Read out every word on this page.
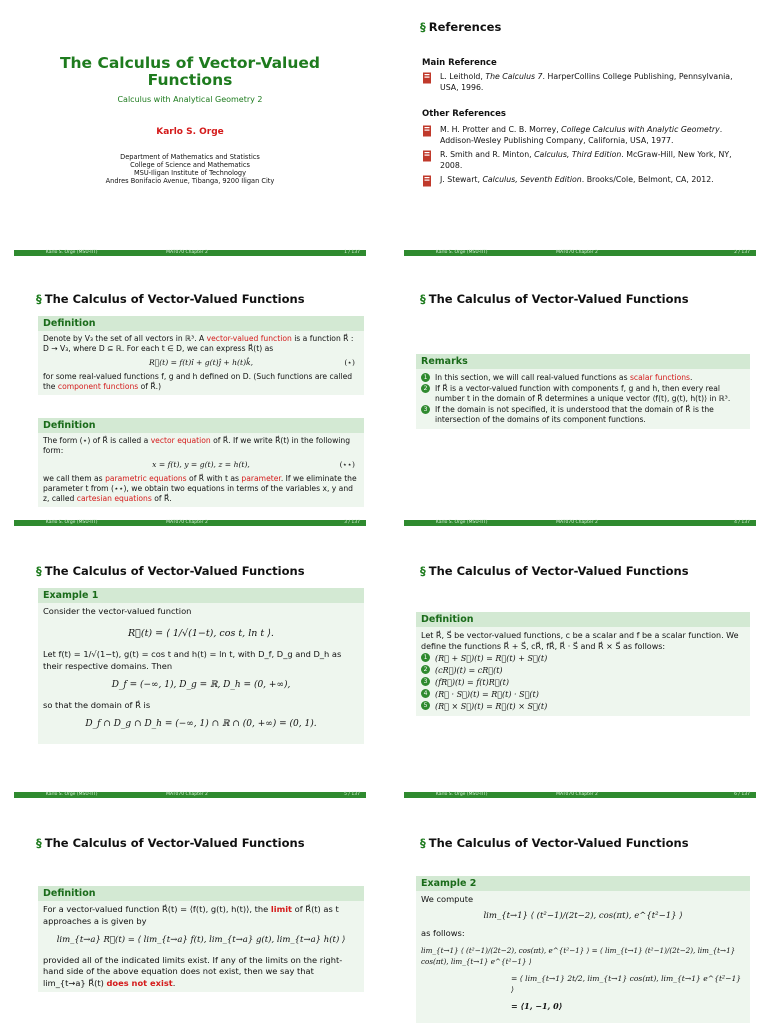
The Calculus of Vector-Valued Functions
Calculus with Analytical Geometry 2
Karlo S. Orge
Department of Mathematics and Statistics
College of Science and Mathematics
MSU-Iligan Institute of Technology
Andres Bonifacio Avenue, Tibanga, 9200 Iligan City
Karlo S. Orge (MSU-IIT)	MAT070 Chapter 2	1 / 137
§ References
Main Reference
L. Leithold, The Calculus 7. HarperCollins College Publishing, Pennsylvania, USA, 1996.
Other References
M. H. Protter and C. B. Morrey, College Calculus with Analytic Geometry. Addison-Wesley Publishing Company, California, USA, 1977.
R. Smith and R. Minton, Calculus, Third Edition. McGraw-Hill, New York, NY, 2008.
J. Stewart, Calculus, Seventh Edition. Brooks/Cole, Belmont, CA, 2012.
Karlo S. Orge (MSU-IIT)	MAT070 Chapter 2	2 / 137
§ The Calculus of Vector-Valued Functions
Definition
Denote by V₃ the set of all vectors in ℝ³. A vector-valued function is a function R⃗ : D → V₃, where D ⊆ ℝ. For each t ∈ D, we can express R⃗(t) as
R⃗(t) = f(t)î + g(t)ĵ + h(t)k̂,	(⋆)
for some real-valued functions f, g and h defined on D. (Such functions are called the component functions of R⃗.)
Definition
The form (⋆) of R⃗ is called a vector equation of R⃗. If we write R⃗(t) in the following form:
x = f(t), y = g(t), z = h(t),	(⋆⋆)
we call them as parametric equations of R⃗ with t as parameter. If we eliminate the parameter t from (⋆⋆), we obtain two equations in terms of the variables x, y and z, called cartesian equations of R⃗.
Karlo S. Orge (MSU-IIT)	MAT070 Chapter 2	3 / 137
§ The Calculus of Vector-Valued Functions
Remarks
1 In this section, we will call real-valued functions as scalar functions.
2 If R⃗ is a vector-valued function with components f, g and h, then every real number t in the domain of R⃗ determines a unique vector ⟨f(t), g(t), h(t)⟩ in ℝ³.
3 If the domain is not specified, it is understood that the domain of R⃗ is the intersection of the domains of its component functions.
Karlo S. Orge (MSU-IIT)	MAT070 Chapter 2	4 / 137
§ The Calculus of Vector-Valued Functions
Example 1
Consider the vector-valued function
R⃗(t) = ⟨ 1/√(1−t), cos t, ln t ⟩.
Let f(t) = 1/√(1−t), g(t) = cos t and h(t) = ln t, with D_f, D_g and D_h as their respective domains. Then
D_f = (−∞, 1), D_g = ℝ, D_h = (0, +∞),
so that the domain of R⃗ is
D_f ∩ D_g ∩ D_h = (−∞, 1) ∩ ℝ ∩ (0, +∞) = (0, 1).
Karlo S. Orge (MSU-IIT)	MAT070 Chapter 2	5 / 137
§ The Calculus of Vector-Valued Functions
Definition
Let R⃗, S⃗ be vector-valued functions, c be a scalar and f be a scalar function. We define the functions R⃗ + S⃗, cR⃗, fR⃗, R⃗ · S⃗ and R⃗ × S⃗ as follows:
1 (R⃗ + S⃗)(t) = R⃗(t) + S⃗(t)
2 (cR⃗)(t) = cR⃗(t)
3 (fR⃗)(t) = f(t)R⃗(t)
4 (R⃗ · S⃗)(t) = R⃗(t) · S⃗(t)
5 (R⃗ × S⃗)(t) = R⃗(t) × S⃗(t)
Karlo S. Orge (MSU-IIT)	MAT070 Chapter 2	6 / 137
§ The Calculus of Vector-Valued Functions
Definition
For a vector-valued function R⃗(t) = ⟨f(t), g(t), h(t)⟩, the limit of R⃗(t) as t approaches a is given by
lim_{t→a} R⃗(t) = ⟨ lim_{t→a} f(t), lim_{t→a} g(t), lim_{t→a} h(t) ⟩
provided all of the indicated limits exist. If any of the limits on the right-hand side of the above equation does not exist, then we say that lim_{t→a} R⃗(t) does not exist.
§ The Calculus of Vector-Valued Functions
Example 2
We compute
lim_{t→1} ⟨ (t²−1)/(2t−2), cos(πt), e^{t²−1} ⟩
as follows:
lim_{t→1} ⟨ (t²−1)/(2t−2), cos(πt), e^{t²−1} ⟩ = ⟨ lim_{t→1} (t²−1)/(2t−2), lim_{t→1} cos(πt), lim_{t→1} e^{t²−1} ⟩
= ⟨ lim_{t→1} 2t/2, lim_{t→1} cos(πt), lim_{t→1} e^{t²−1} ⟩
= ⟨1, −1, 0⟩
